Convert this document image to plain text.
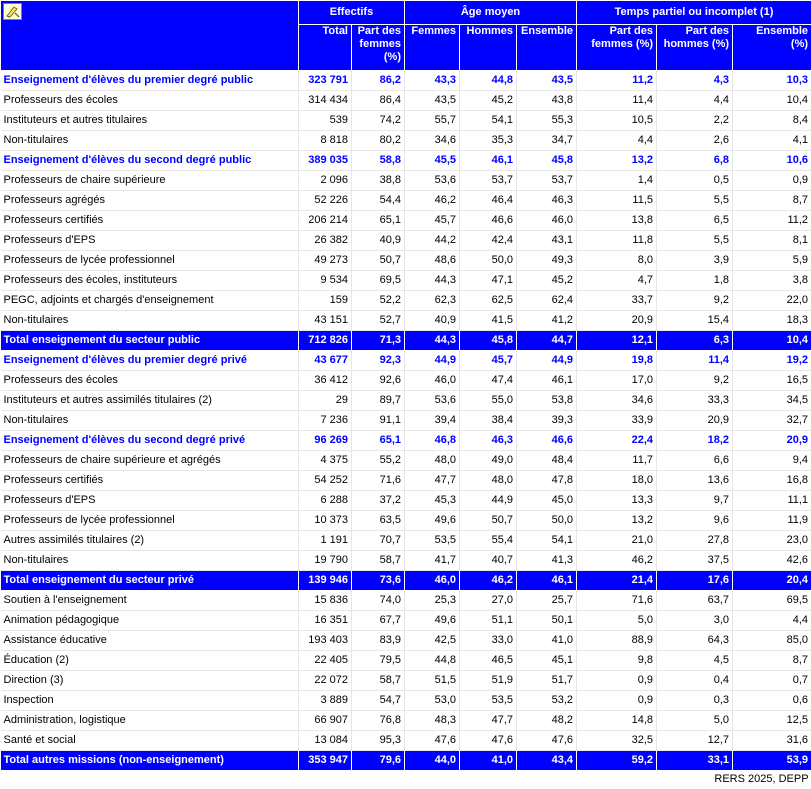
	Effectifs		Âge moyen			Temps partiel ou incomplet (1)		
	Total	Part des femmes (%)	Femmes	Hommes	Ensemble	Part des femmes (%)	Part des hommes (%)	Ensemble (%)
Enseignement d'élèves du premier degré public	323 791	86,2	43,3	44,8	43,5	11,2	4,3	10,3
Professeurs des écoles	314 434	86,4	43,5	45,2	43,8	11,4	4,4	10,4
Instituteurs et autres titulaires	539	74,2	55,7	54,1	55,3	10,5	2,2	8,4
Non-titulaires	8 818	80,2	34,6	35,3	34,7	4,4	2,6	4,1
Enseignement d'élèves du second degré public	389 035	58,8	45,5	46,1	45,8	13,2	6,8	10,6
Professeurs de chaire supérieure	2 096	38,8	53,6	53,7	53,7	1,4	0,5	0,9
Professeurs agrégés	52 226	54,4	46,2	46,4	46,3	11,5	5,5	8,7
Professeurs certifiés	206 214	65,1	45,7	46,6	46,0	13,8	6,5	11,2
Professeurs d'EPS	26 382	40,9	44,2	42,4	43,1	11,8	5,5	8,1
Professeurs de lycée professionnel	49 273	50,7	48,6	50,0	49,3	8,0	3,9	5,9
Professeurs des écoles, instituteurs	9 534	69,5	44,3	47,1	45,2	4,7	1,8	3,8
PEGC, adjoints et chargés d'enseignement	159	52,2	62,3	62,5	62,4	33,7	9,2	22,0
Non-titulaires	43 151	52,7	40,9	41,5	41,2	20,9	15,4	18,3
Total enseignement du secteur public	712 826	71,3	44,3	45,8	44,7	12,1	6,3	10,4
Enseignement d'élèves du premier degré privé	43 677	92,3	44,9	45,7	44,9	19,8	11,4	19,2
Professeurs des écoles	36 412	92,6	46,0	47,4	46,1	17,0	9,2	16,5
Instituteurs et autres assimilés titulaires (2)	29	89,7	53,6	55,0	53,8	34,6	33,3	34,5
Non-titulaires	7 236	91,1	39,4	38,4	39,3	33,9	20,9	32,7
Enseignement d'élèves du second degré privé	96 269	65,1	46,8	46,3	46,6	22,4	18,2	20,9
Professeurs de chaire supérieure et agrégés	4 375	55,2	48,0	49,0	48,4	11,7	6,6	9,4
Professeurs certifiés	54 252	71,6	47,7	48,0	47,8	18,0	13,6	16,8
Professeurs d'EPS	6 288	37,2	45,3	44,9	45,0	13,3	9,7	11,1
Professeurs de lycée professionnel	10 373	63,5	49,6	50,7	50,0	13,2	9,6	11,9
Autres assimilés titulaires (2)	1 191	70,7	53,5	55,4	54,1	21,0	27,8	23,0
Non-titulaires	19 790	58,7	41,7	40,7	41,3	46,2	37,5	42,6
Total enseignement du secteur privé	139 946	73,6	46,0	46,2	46,1	21,4	17,6	20,4
Soutien à l'enseignement	15 836	74,0	25,3	27,0	25,7	71,6	63,7	69,5
Animation pédagogique	16 351	67,7	49,6	51,1	50,1	5,0	3,0	4,4
Assistance éducative	193 403	83,9	42,5	33,0	41,0	88,9	64,3	85,0
Éducation (2)	22 405	79,5	44,8	46,5	45,1	9,8	4,5	8,7
Direction (3)	22 072	58,7	51,5	51,9	51,7	0,9	0,4	0,7
Inspection	3 889	54,7	53,0	53,5	53,2	0,9	0,3	0,6
Administration, logistique	66 907	76,8	48,3	47,7	48,2	14,8	5,0	12,5
Santé et social	13 084	95,3	47,6	47,6	47,6	32,5	12,7	31,6
Total autres missions (non-enseignement)	353 947	79,6	44,0	41,0	43,4	59,2	33,1	53,9
RERS 2025, DEPP								
